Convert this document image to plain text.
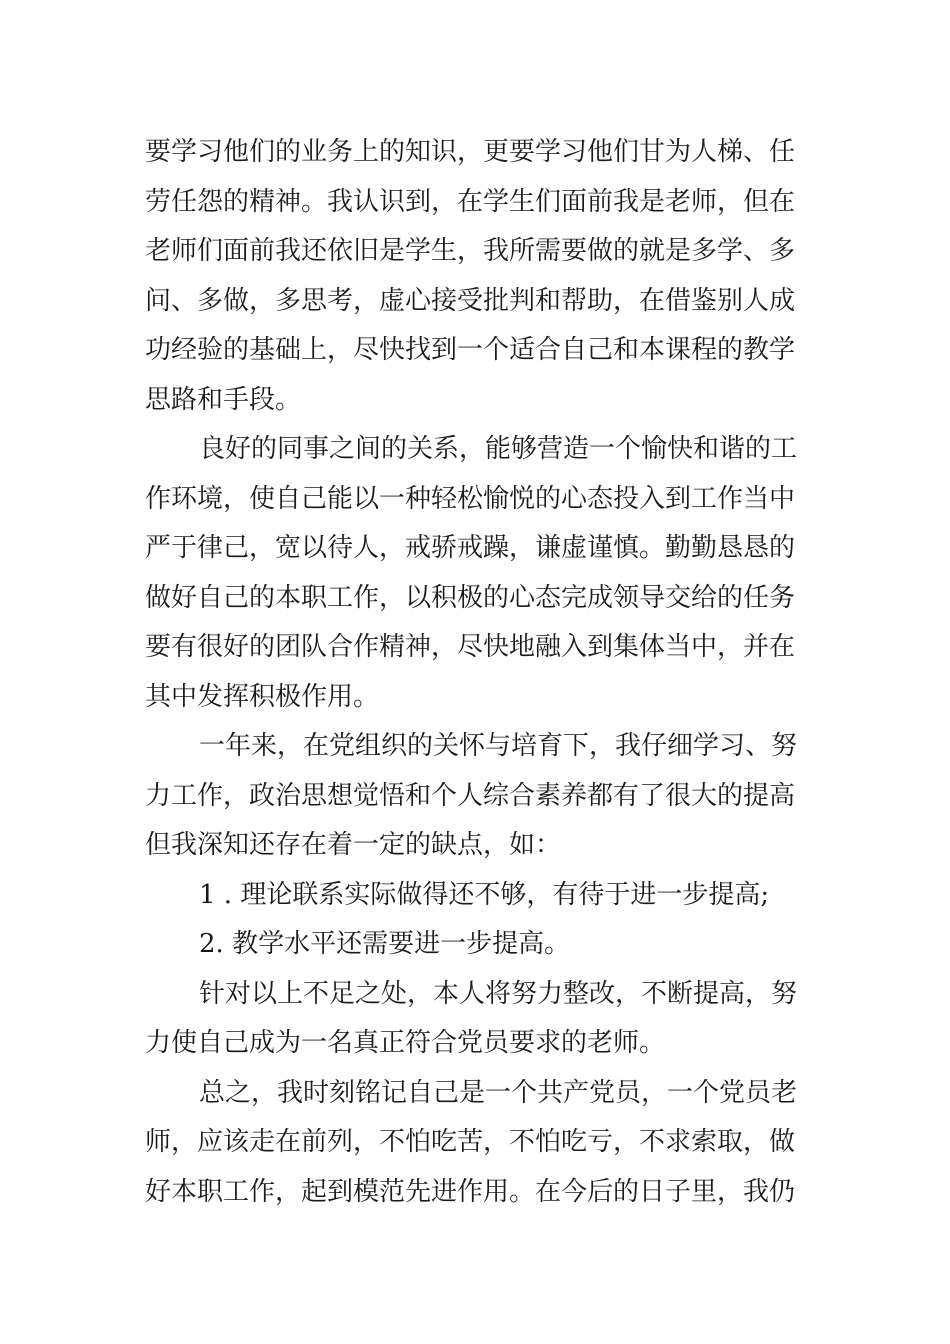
要学习他们的业务上的知识，更要学习他们甘为人梯、任
劳任怨的精神。我认识到，在学生们面前我是老师，但在
老师们面前我还依旧是学生，我所需要做的就是多学、多
问、多做，多思考，虚心接受批判和帮助，在借鉴别人成
功经验的基础上，尽快找到一个适合自己和本课程的教学
思路和手段。
良好的同事之间的关系，能够营造一个愉快和谐的工
作环境，使自己能以一种轻松愉悦的心态投入到工作当中
严于律己，宽以待人，戒骄戒躁，谦虚谨慎。勤勤恳恳的
做好自己的本职工作，以积极的心态完成领导交给的任务
要有很好的团队合作精神，尽快地融入到集体当中，并在
其中发挥积极作用。
一年来，在党组织的关怀与培育下，我仔细学习、努
力工作，政治思想觉悟和个人综合素养都有了很大的提高
但我深知还存在着一定的缺点，如：
1 . 理论联系实际做得还不够，有待于进一步提高;
2. 教学水平还需要进一步提高。
针对以上不足之处，本人将努力整改，不断提高，努
力使自己成为一名真正符合党员要求的老师。
总之，我时刻铭记自己是一个共产党员，一个党员老
师，应该走在前列，不怕吃苦，不怕吃亏，不求索取，做
好本职工作，起到模范先进作用。在今后的日子里，我仍
